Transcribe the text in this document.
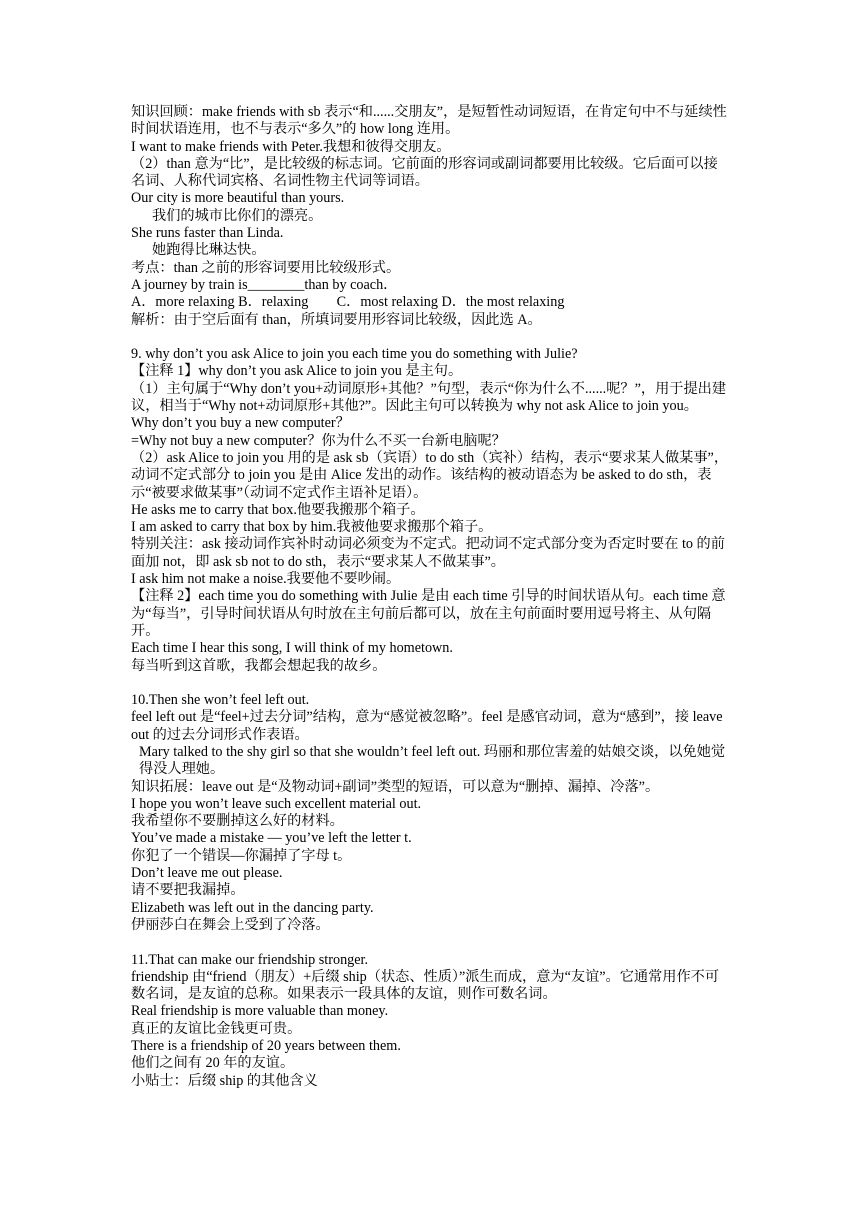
知识回顾：make friends with sb 表示“和......交朋友”，是短暂性动词短语，在肯定句中不与延续性时间状语连用，也不与表示“多久”的 how long 连用。

I want to make friends with Peter.我想和彼得交朋友。

（2）than 意为“比”，是比较级的标志词。它前面的形容词或副词都要用比较级。它后面可以接名词、人称代词宾格、名词性物主代词等词语。

Our city is more beautiful than yours.

我们的城市比你们的漂亮。

She runs faster than Linda.

她跑得比琳达快。

考点：than 之前的形容词要用比较级形式。

A journey by train is________than by coach．

A．more relaxing B．relaxing　　C．most relaxing D．the most relaxing

解析：由于空后面有 than，所填词要用形容词比较级，因此选 A。

9. why don’t you ask Alice to join you each time you do something with Julie?

【注释 1】why don’t you ask Alice to join you 是主句。

（1）主句属于“Why don’t you+动词原形+其他？”句型，表示“你为什么不......呢？”，用于提出建议，相当于“Why not+动词原形+其他?”。因此主句可以转换为 why not ask Alice to join you。

Why don’t you buy a new computer？

=Why not buy a new computer？你为什么不买一台新电脑呢？

（2）ask Alice to join you 用的是 ask sb（宾语）to do sth（宾补）结构，表示“要求某人做某事”，动词不定式部分 to join you 是由 Alice 发出的动作。该结构的被动语态为 be asked to do sth，表示“被要求做某事”（动词不定式作主语补足语）。

He asks me to carry that box.他要我搬那个箱子。

I am asked to carry that box by him.我被他要求搬那个箱子。

特别关注：ask 接动词作宾补时动词必须变为不定式。把动词不定式部分变为否定时要在 to 的前面加 not，即 ask sb not to do sth，表示“要求某人不做某事”。

I ask him not make a noise.我要他不要吵闹。

【注释 2】each time you do something with Julie 是由 each time 引导的时间状语从句。each time 意为“每当”，引导时间状语从句时放在主句前后都可以，放在主句前面时要用逗号将主、从句隔开。

Each time I hear this song, I will think of my hometown.

每当听到这首歌，我都会想起我的故乡。

10.Then she won’t feel left out.

feel left out 是“feel+过去分词”结构，意为“感觉被忽略”。feel 是感官动词，意为“感到”，接 leave out 的过去分词形式作表语。

Mary talked to the shy girl so that she wouldn’t feel left out. 玛丽和那位害羞的姑娘交谈，以免她觉得没人理她。

知识拓展：leave out 是“及物动词+副词”类型的短语，可以意为“删掉、漏掉、冷落”。

I hope you won’t leave such excellent material out.

我希望你不要删掉这么好的材料。

You’ve made a mistake — you’ve left the letter t.

你犯了一个错误—你漏掉了字母 t。

Don’t leave me out please.

请不要把我漏掉。

Elizabeth was left out in the dancing party.

伊丽莎白在舞会上受到了冷落。

11.That can make our friendship stronger.

friendship 由“friend（朋友）+后缀 ship（状态、性质）”派生而成，意为“友谊”。它通常用作不可数名词，是友谊的总称。如果表示一段具体的友谊，则作可数名词。

Real friendship is more valuable than money.

真正的友谊比金钱更可贵。

There is a friendship of 20 years between them.

他们之间有 20 年的友谊。

小贴士：后缀 ship 的其他含义
